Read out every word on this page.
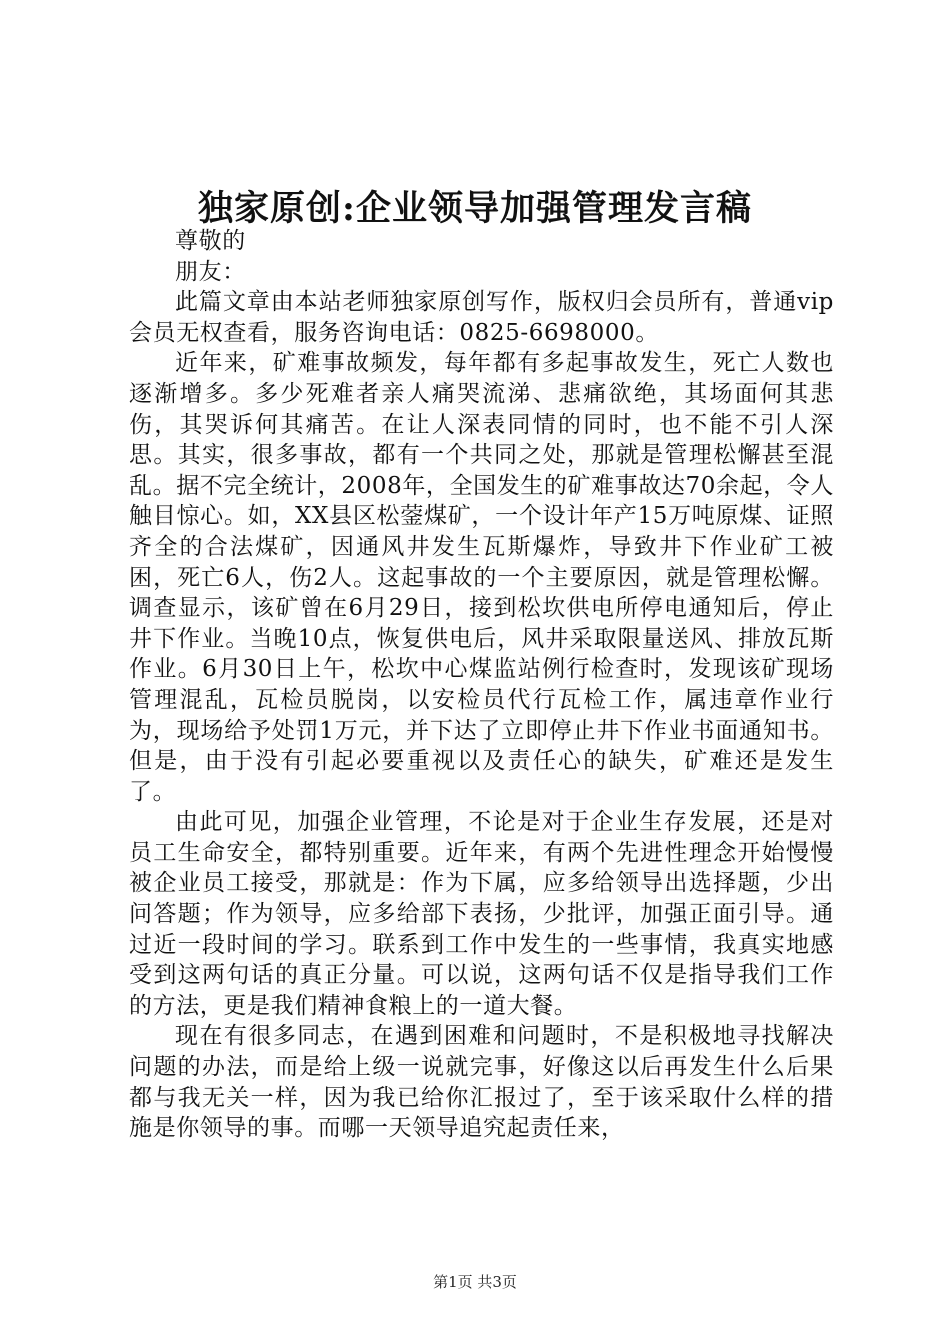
独家原创:企业领导加强管理发言稿

尊敬的

朋友：

此篇文章由本站老师独家原创写作，版权归会员所有，普通vip会员无权查看，服务咨询电话：0825-6698000。

近年来，矿难事故频发，每年都有多起事故发生，死亡人数也逐渐增多。多少死难者亲人痛哭流涕、悲痛欲绝，其场面何其悲伤，其哭诉何其痛苦。在让人深表同情的同时，也不能不引人深思。其实，很多事故，都有一个共同之处，那就是管理松懈甚至混乱。据不完全统计，2008年，全国发生的矿难事故达70余起，令人触目惊心。如，XX县区松蓥煤矿，一个设计年产15万吨原煤、证照齐全的合法煤矿，因通风井发生瓦斯爆炸，导致井下作业矿工被困，死亡6人，伤2人。这起事故的一个主要原因，就是管理松懈。调查显示，该矿曾在6月29日，接到松坎供电所停电通知后，停止井下作业。当晚10点，恢复供电后，风井采取限量送风、排放瓦斯作业。6月30日上午，松坎中心煤监站例行检查时，发现该矿现场管理混乱，瓦检员脱岗，以安检员代行瓦检工作，属违章作业行为，现场给予处罚1万元，并下达了立即停止井下作业书面通知书。但是，由于没有引起必要重视以及责任心的缺失，矿难还是发生了。

由此可见，加强企业管理，不论是对于企业生存发展，还是对员工生命安全，都特别重要。近年来，有两个先进性理念开始慢慢被企业员工接受，那就是：作为下属，应多给领导出选择题，少出问答题；作为领导，应多给部下表扬，少批评，加强正面引导。通过近一段时间的学习。联系到工作中发生的一些事情，我真实地感受到这两句话的真正分量。可以说，这两句话不仅是指导我们工作的方法，更是我们精神食粮上的一道大餐。

现在有很多同志，在遇到困难和问题时，不是积极地寻找解决问题的办法，而是给上级一说就完事，好像这以后再发生什么后果都与我无关一样，因为我已给你汇报过了，至于该采取什么样的措施是你领导的事。而哪一天领导追究起责任来，

第1页 共3页
